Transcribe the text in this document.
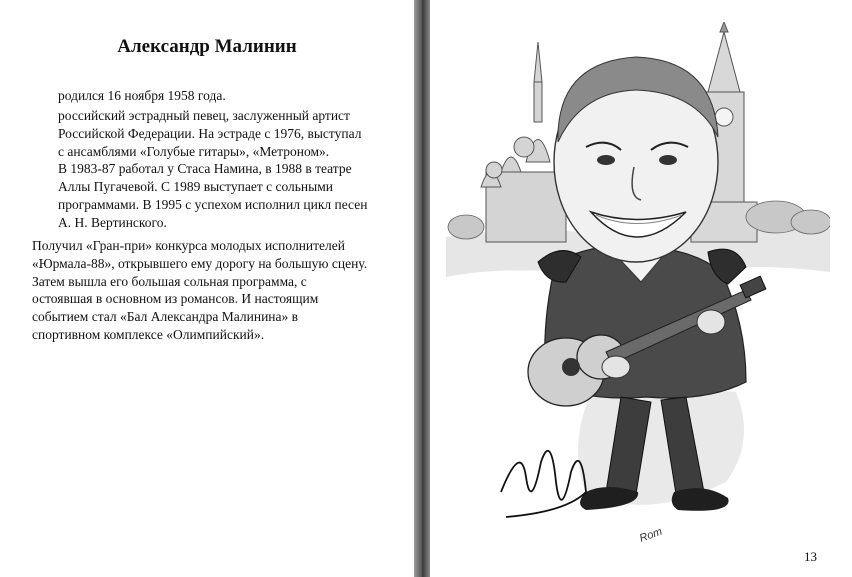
Александр Малинин
родился 16 ноября 1958 года.
российский эстрадный певец, заслуженный артист
Российской Федерации. На эстраде с 1976, выступал
с ансамблями «Голубые гитары», «Метроном».
В 1983-87 работал у Стаса Намина, в 1988 в театре
Аллы Пугачевой. С 1989 выступает с сольными
программами. В 1995 с успехом исполнил цикл песен
А. Н. Вертинского.
Получил «Гран-при» конкурса молодых исполнителей
«Юрмала-88», открывшего ему дорогу на большую сцену.
Затем вышла его большая сольная программа, с
остоявшая в основном из романсов. И настоящим
событием стал «Бал Александра Малинина» в
спортивном комплексе «Олимпийский».
Rom
13
